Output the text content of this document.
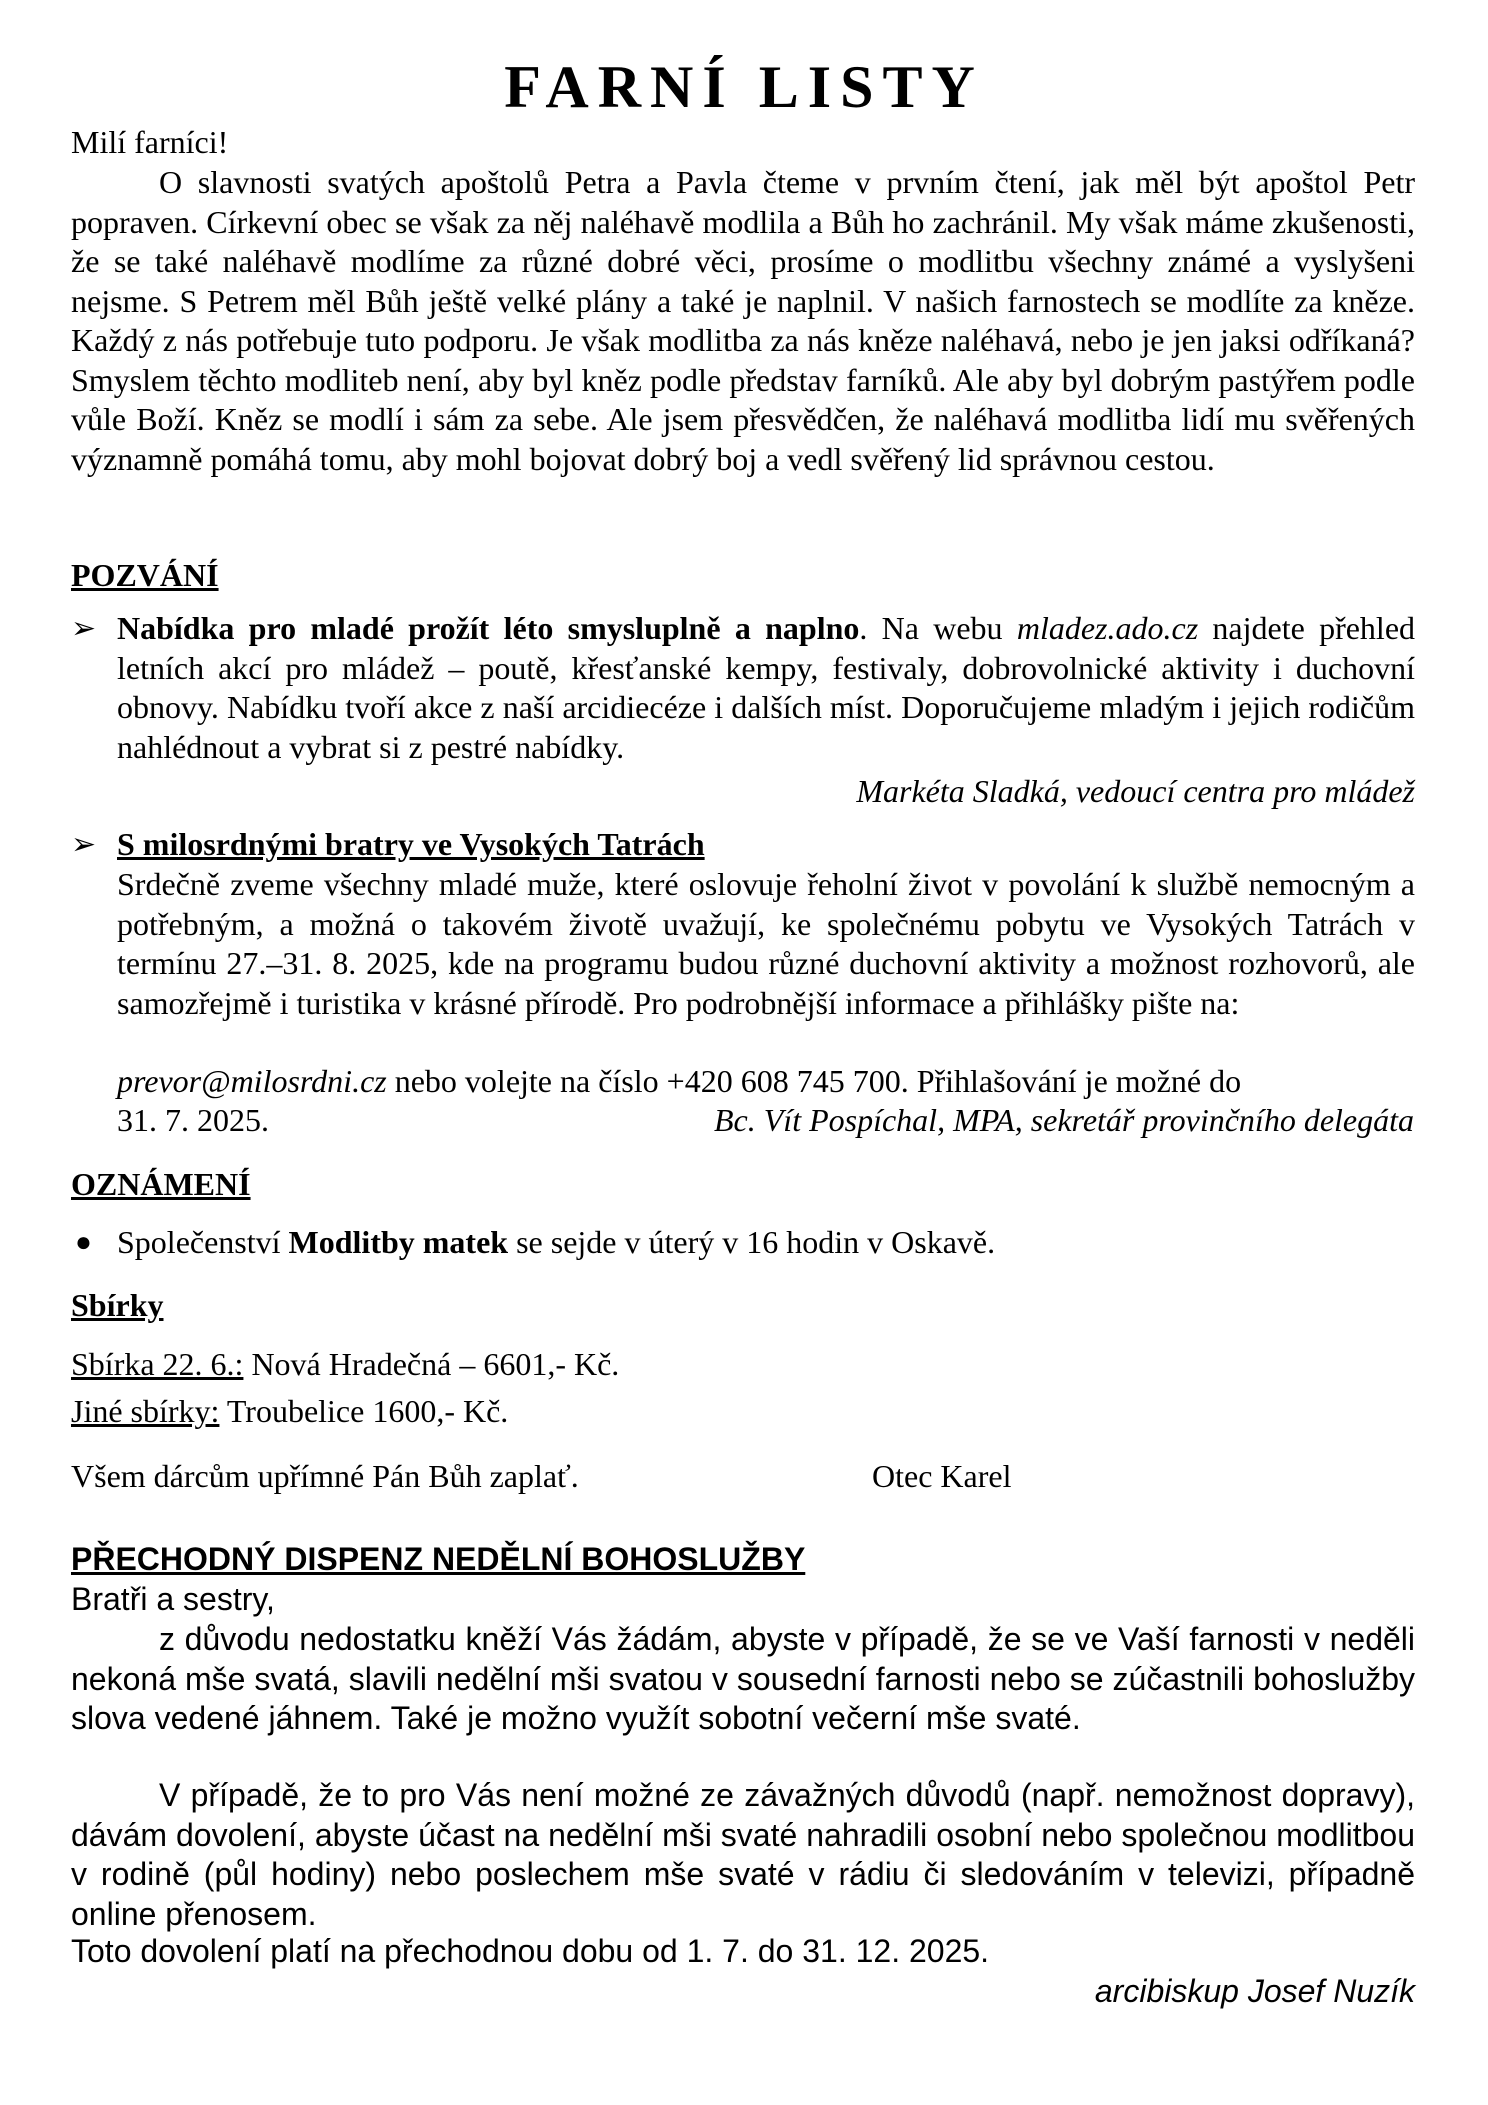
FARNÍ LISTY
Milí farníci!
O slavnosti svatých apoštolů Petra a Pavla čteme v prvním čtení, jak měl být apoštol Petr popraven. Církevní obec se však za něj naléhavě modlila a Bůh ho zachránil. My však máme zkušenosti, že se také naléhavě modlíme za různé dobré věci, prosíme o modlitbu všechny známé a vyslyšeni nejsme. S Petrem měl Bůh ještě velké plány a také je naplnil. V našich farnostech se modlíte za kněze. Každý z nás potřebuje tuto podporu. Je však modlitba za nás kněze naléhavá, nebo je jen jaksi odříkaná? Smyslem těchto modliteb není, aby byl kněz podle představ farníků. Ale aby byl dobrým pastýřem podle vůle Boží. Kněz se modlí i sám za sebe. Ale jsem přesvědčen, že naléhavá modlitba lidí mu svěřených významně pomáhá tomu, aby mohl bojovat dobrý boj a vedl svěřený lid správnou cestou.
POZVÁNÍ
➢ Nabídka pro mladé prožít léto smysluplně a naplno. Na webu mladez.ado.cz najdete přehled letních akcí pro mládež – poutě, křesťanské kempy, festivaly, dobrovolnické aktivity i duchovní obnovy. Nabídku tvoří akce z naší arcidiecéze i dalších míst. Doporučujeme mladým i jejich rodičům nahlédnout a vybrat si z pestré nabídky.
Markéta Sladká, vedoucí centra pro mládež
➢ S milosrdnými bratry ve Vysokých Tatrách
Srdečně zveme všechny mladé muže, které oslovuje řeholní život v povolání k službě nemocným a potřebným, a možná o takovém životě uvažují, ke společnému pobytu ve Vysokých Tatrách v termínu 27.–31. 8. 2025, kde na programu budou různé duchovní aktivity a možnost rozhovorů, ale samozřejmě i turistika v krásné přírodě. Pro podrobnější informace a přihlášky pište na:
prevor@milosrdni.cz nebo volejte na číslo +420 608 745 700. Přihlašování je možné do
31. 7. 2025.	Bc. Vít Pospíchal, MPA, sekretář provinčního delegáta
OZNÁMENÍ
● Společenství Modlitby matek se sejde v úterý v 16 hodin v Oskavě.
Sbírky
Sbírka 22. 6.: Nová Hradečná – 6601,- Kč.
Jiné sbírky: Troubelice 1600,- Kč.
Všem dárcům upřímné Pán Bůh zaplať.	Otec Karel
PŘECHODNÝ DISPENZ NEDĚLNÍ BOHOSLUŽBY
Bratři a sestry,
z důvodu nedostatku kněží Vás žádám, abyste v případě, že se ve Vaší farnosti v neděli nekoná mše svatá, slavili nedělní mši svatou v sousední farnosti nebo se zúčastnili bohoslužby slova vedené jáhnem. Také je možno využít sobotní večerní mše svaté.
V případě, že to pro Vás není možné ze závažných důvodů (např. nemožnost dopravy), dávám dovolení, abyste účast na nedělní mši svaté nahradili osobní nebo společnou modlitbou v rodině (půl hodiny) nebo poslechem mše svaté v rádiu či sledováním v televizi, případně online přenosem.
Toto dovolení platí na přechodnou dobu od 1. 7. do 31. 12. 2025.
arcibiskup Josef Nuzík
